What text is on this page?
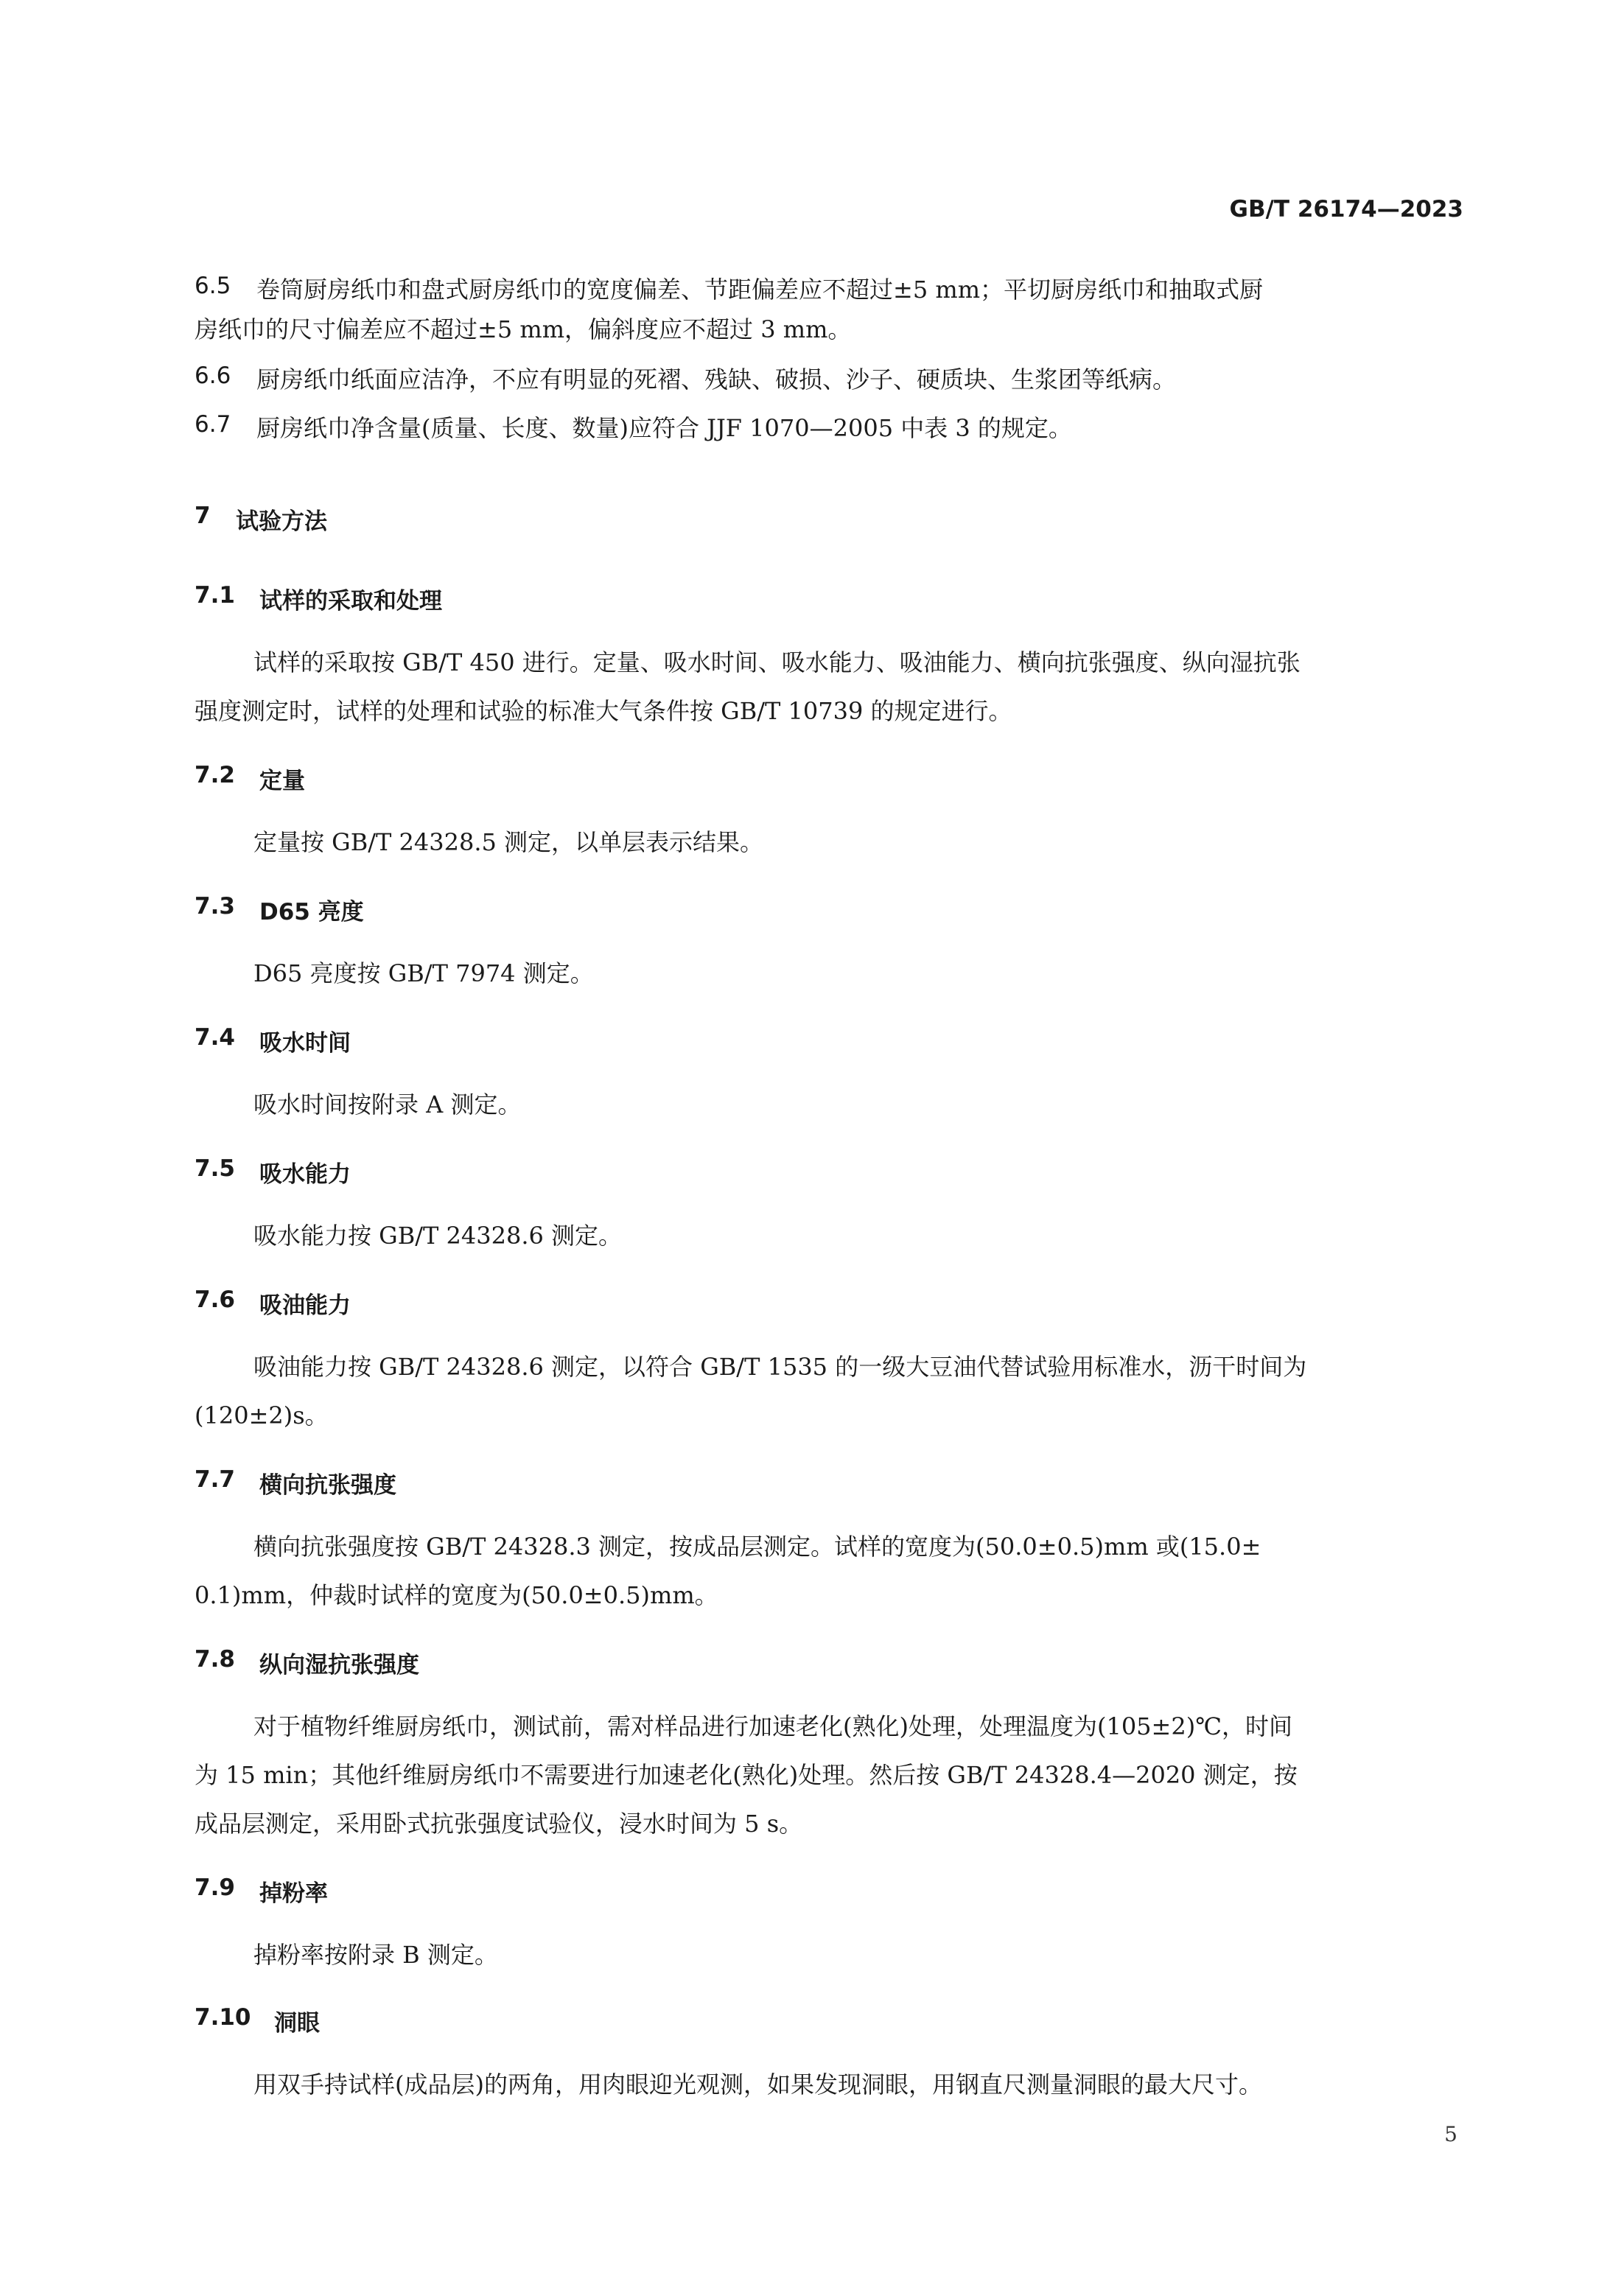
GB/T 26174—2023
6.5 卷筒厨房纸巾和盘式厨房纸巾的宽度偏差、节距偏差应不超过±5 mm；平切厨房纸巾和抽取式厨
房纸巾的尺寸偏差应不超过±5 mm，偏斜度应不超过 3 mm。
6.6 厨房纸巾纸面应洁净，不应有明显的死褶、残缺、破损、沙子、硬质块、生浆团等纸病。
6.7 厨房纸巾净含量(质量、长度、数量)应符合 JJF 1070—2005 中表 3 的规定。
7 试验方法
7.1 试样的采取和处理
试样的采取按 GB/T 450 进行。定量、吸水时间、吸水能力、吸油能力、横向抗张强度、纵向湿抗张
强度测定时，试样的处理和试验的标准大气条件按 GB/T 10739 的规定进行。
7.2 定量
定量按 GB/T 24328.5 测定，以单层表示结果。
7.3 D65 亮度
D65 亮度按 GB/T 7974 测定。
7.4 吸水时间
吸水时间按附录 A 测定。
7.5 吸水能力
吸水能力按 GB/T 24328.6 测定。
7.6 吸油能力
吸油能力按 GB/T 24328.6 测定，以符合 GB/T 1535 的一级大豆油代替试验用标准水，沥干时间为
(120±2)s。
7.7 横向抗张强度
横向抗张强度按 GB/T 24328.3 测定，按成品层测定。试样的宽度为(50.0±0.5)mm 或(15.0±
0.1)mm，仲裁时试样的宽度为(50.0±0.5)mm。
7.8 纵向湿抗张强度
对于植物纤维厨房纸巾，测试前，需对样品进行加速老化(熟化)处理，处理温度为(105±2)℃，时间
为 15 min；其他纤维厨房纸巾不需要进行加速老化(熟化)处理。然后按 GB/T 24328.4—2020 测定，按
成品层测定，采用卧式抗张强度试验仪，浸水时间为 5 s。
7.9 掉粉率
掉粉率按附录 B 测定。
7.10 洞眼
用双手持试样(成品层)的两角，用肉眼迎光观测，如果发现洞眼，用钢直尺测量洞眼的最大尺寸。
5
